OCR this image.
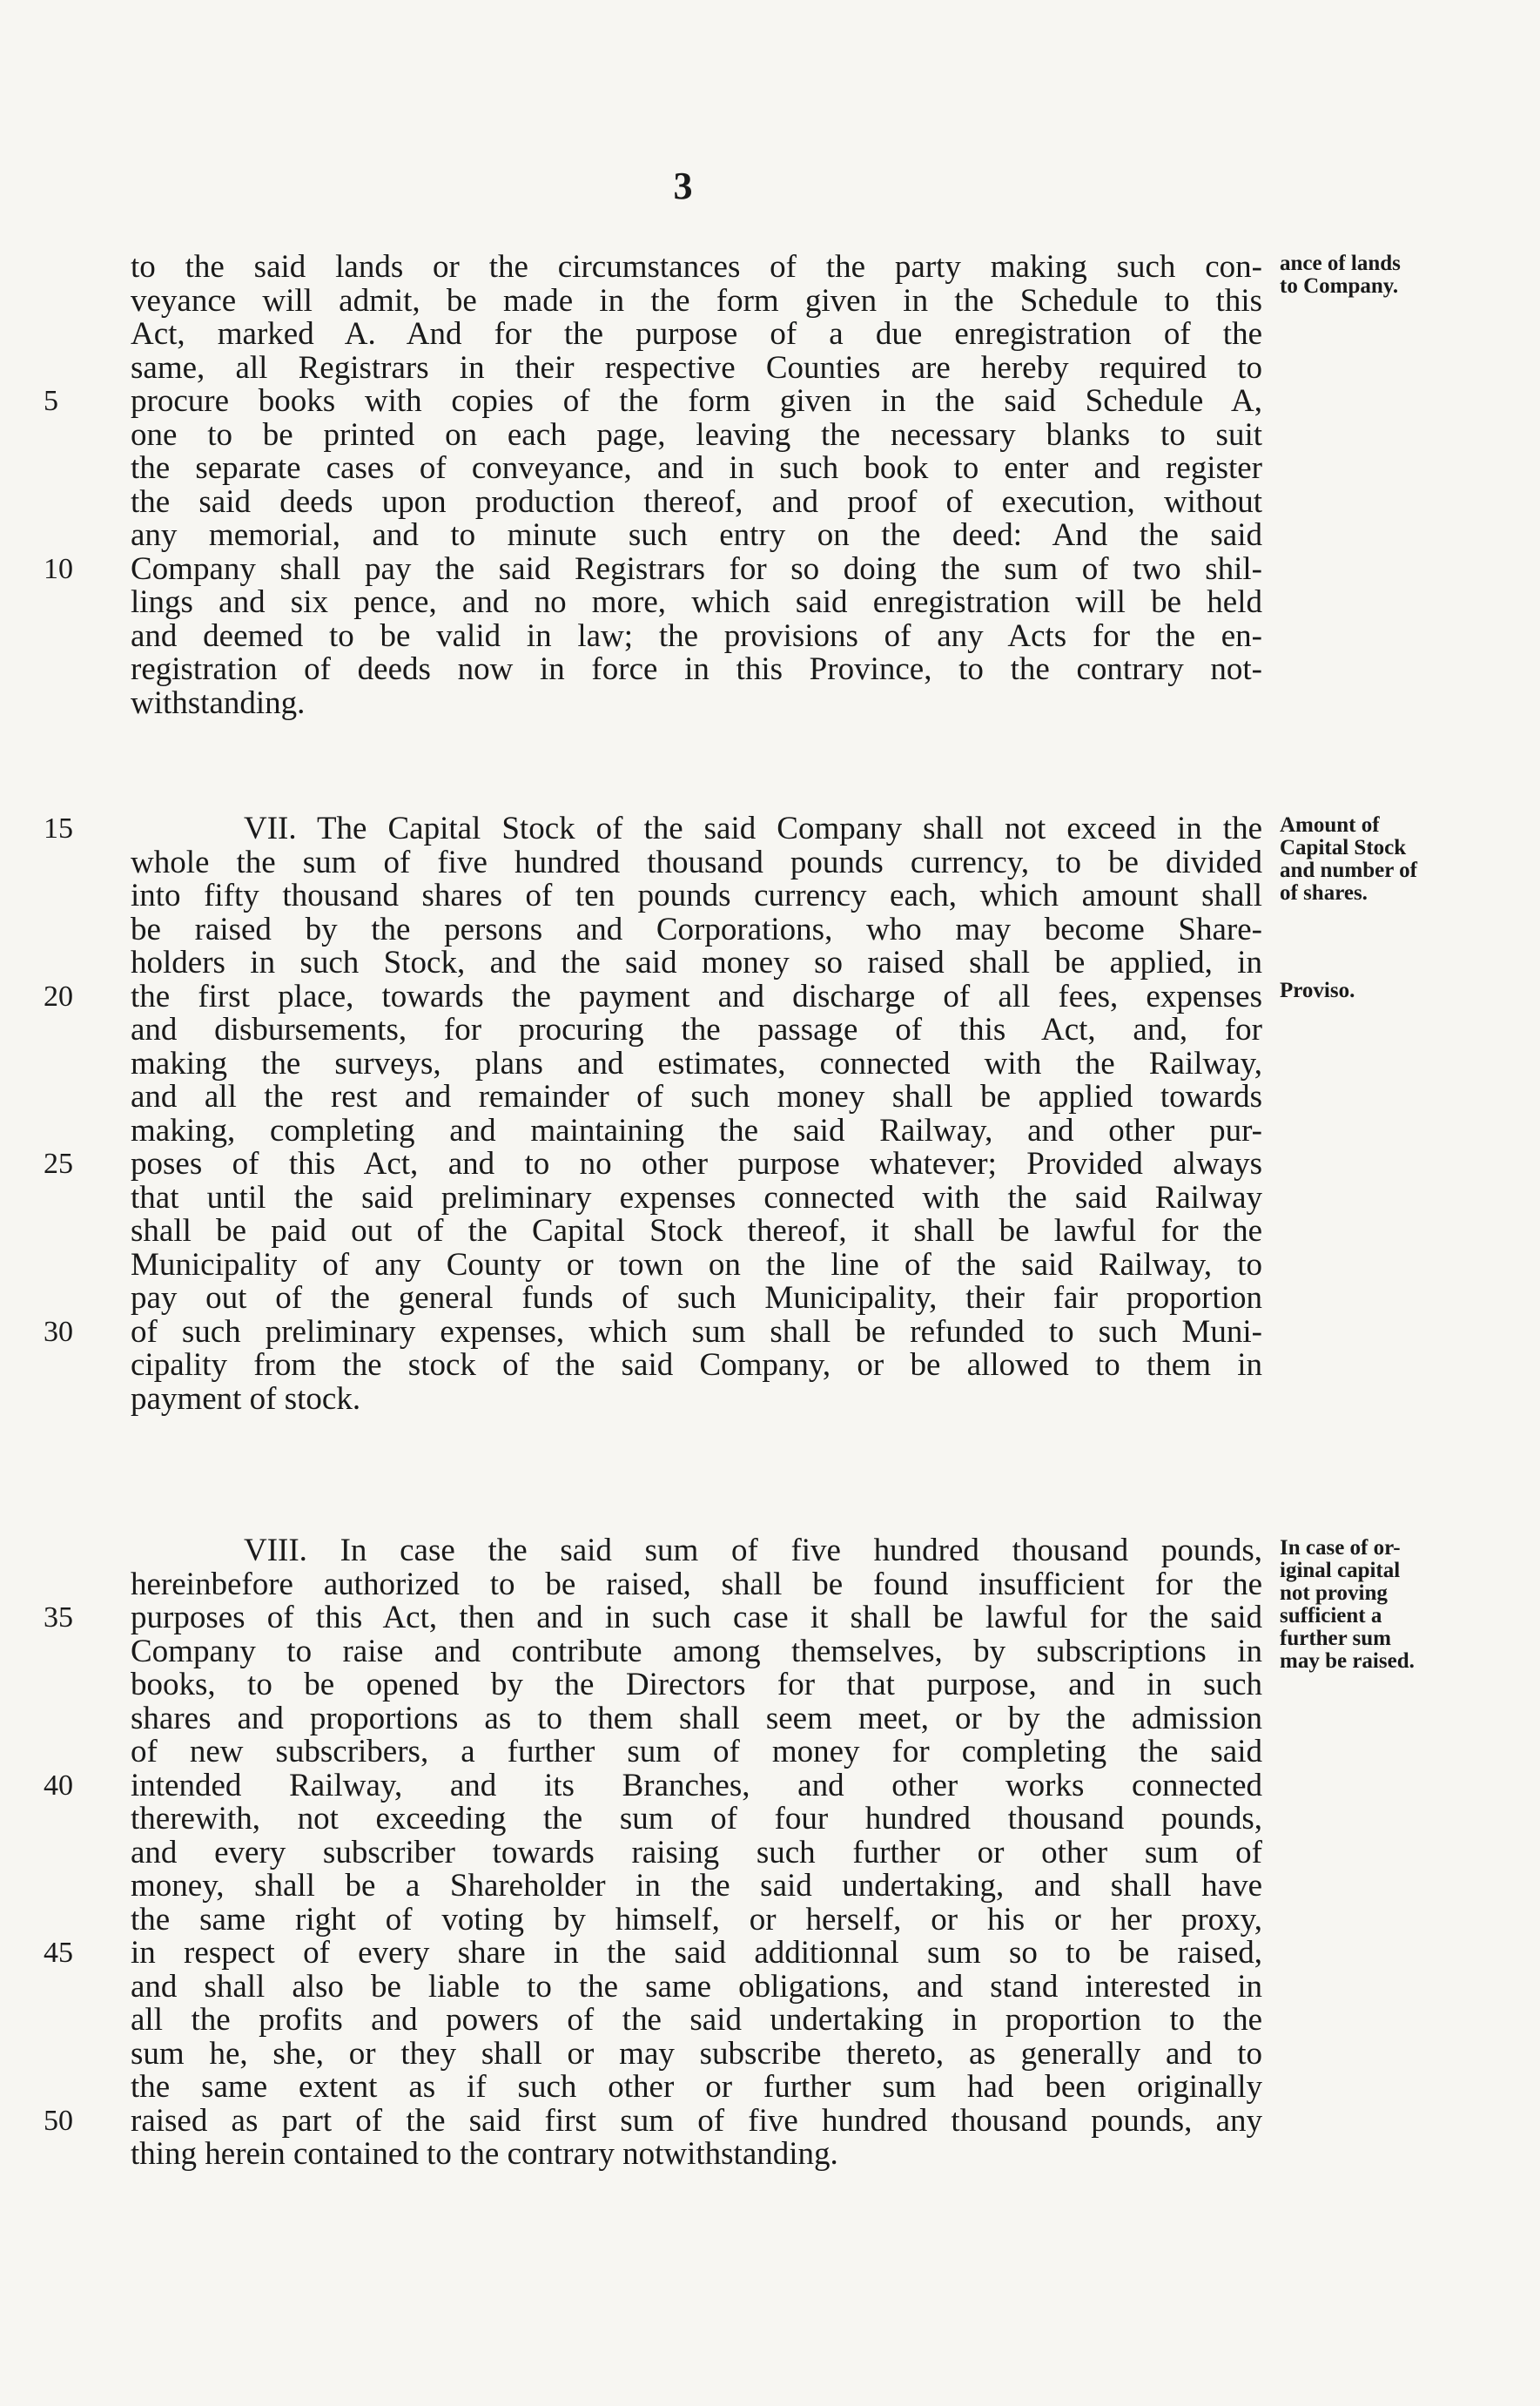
3
to the said lands or the circumstances of the party making such con-
veyance will admit, be made in the form given in the Schedule to this
Act, marked A. And for the purpose of a due enregistration of the
same, all Registrars in their respective Counties are hereby required to
procure books with copies of the form given in the said Schedule A,
5
one to be printed on each page, leaving the necessary blanks to suit
the separate cases of conveyance, and in such book to enter and register
the said deeds upon production thereof, and proof of execution, without
any memorial, and to minute such entry on the deed: And the said
Company shall pay the said Registrars for so doing the sum of two shil-
10
lings and six pence, and no more, which said enregistration will be held
and deemed to be valid in law; the provisions of any Acts for the en-
registration of deeds now in force in this Province, to the contrary not-
withstanding.
ance of lands
to Company.
VII. The Capital Stock of the said Company shall not exceed in the
15
whole the sum of five hundred thousand pounds currency, to be divided
into fifty thousand shares of ten pounds currency each, which amount shall
be raised by the persons and Corporations, who may become Share-
holders in such Stock, and the said money so raised shall be applied, in
the first place, towards the payment and discharge of all fees, expenses
20
and disbursements, for procuring the passage of this Act, and, for
making the surveys, plans and estimates, connected with the Railway,
and all the rest and remainder of such money shall be applied towards
making, completing and maintaining the said Railway, and other pur-
poses of this Act, and to no other purpose whatever; Provided always
25
that until the said preliminary expenses connected with the said Railway
shall be paid out of the Capital Stock thereof, it shall be lawful for the
Municipality of any County or town on the line of the said Railway, to
pay out of the general funds of such Municipality, their fair proportion
of such preliminary expenses, which sum shall be refunded to such Muni-
30
cipality from the stock of the said Company, or be allowed to them in
payment of stock.
Amount of
Capital Stock
and number of
of shares.
Proviso.
VIII. In case the said sum of five hundred thousand pounds,
hereinbefore authorized to be raised, shall be found insufficient for the
purposes of this Act, then and in such case it shall be lawful for the said
35
Company to raise and contribute among themselves, by subscriptions in
books, to be opened by the Directors for that purpose, and in such
shares and proportions as to them shall seem meet, or by the admission
of new subscribers, a further sum of money for completing the said
intended Railway, and its Branches, and other works connected
40
therewith, not exceeding the sum of four hundred thousand pounds,
and every subscriber towards raising such further or other sum of
money, shall be a Shareholder in the said undertaking, and shall have
the same right of voting by himself, or herself, or his or her proxy,
in respect of every share in the said additionnal sum so to be raised,
45
and shall also be liable to the same obligations, and stand interested in
all the profits and powers of the said undertaking in proportion to the
sum he, she, or they shall or may subscribe thereto, as generally and to
the same extent as if such other or further sum had been originally
raised as part of the said first sum of five hundred thousand pounds, any
50
thing herein contained to the contrary notwithstanding.
In case of or-
iginal capital
not proving
sufficient a
further sum
may be raised.
